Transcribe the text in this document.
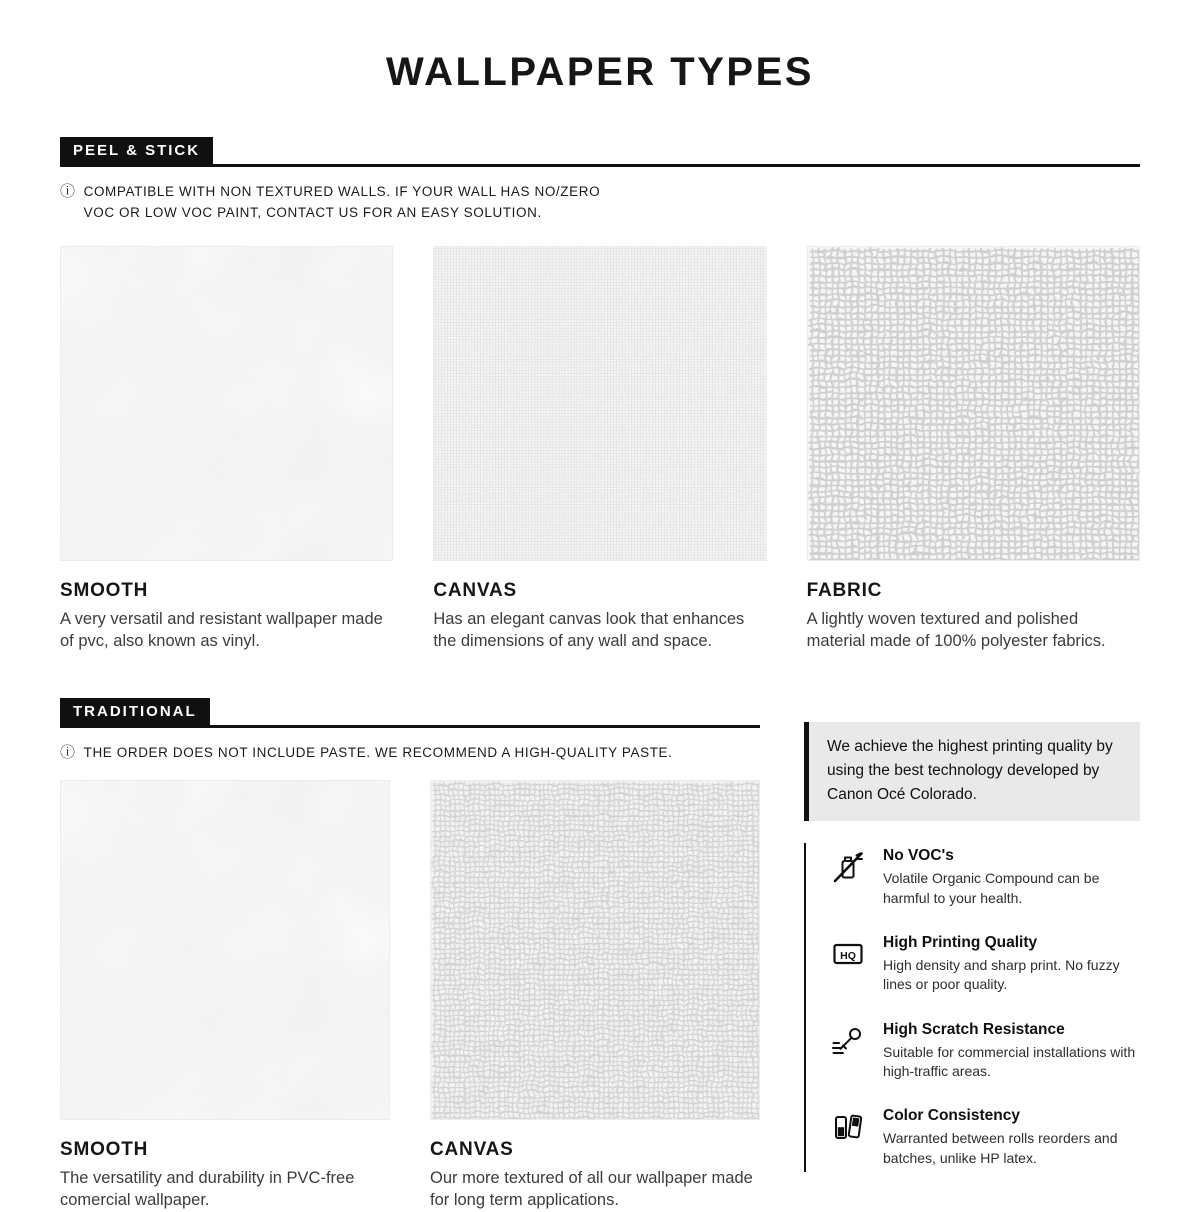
WALLPAPER TYPES
PEEL & STICK
ⓘ COMPATIBLE WITH NON TEXTURED WALLS. IF YOUR WALL HAS NO/ZERO
VOC OR LOW VOC PAINT, CONTACT US FOR AN EASY SOLUTION.
SMOOTH

A very versatil and resistant wallpaper made of pvc, also known as vinyl.

CANVAS

Has an elegant canvas look that enhances the dimensions of any wall and space.

FABRIC

A lightly woven textured and polished material made of 100% polyester fabrics.

TRADITIONAL
ⓘ THE ORDER DOES NOT INCLUDE PASTE. WE RECOMMEND A HIGH-QUALITY PASTE.
SMOOTH

The versatility and durability in PVC-free comercial wallpaper.

CANVAS

Our more textured of all our wallpaper made for long term applications.

We achieve the highest printing quality by using the best technology developed by Canon Océ Colorado.

No VOC's

Volatile Organic Compound can be harmful to your health.

HQ
High Printing Quality

High density and sharp print. No fuzzy lines or poor quality.

High Scratch Resistance

Suitable for commercial installations with high-traffic areas.

Color Consistency

Warranted between rolls reorders and batches, unlike HP latex.
